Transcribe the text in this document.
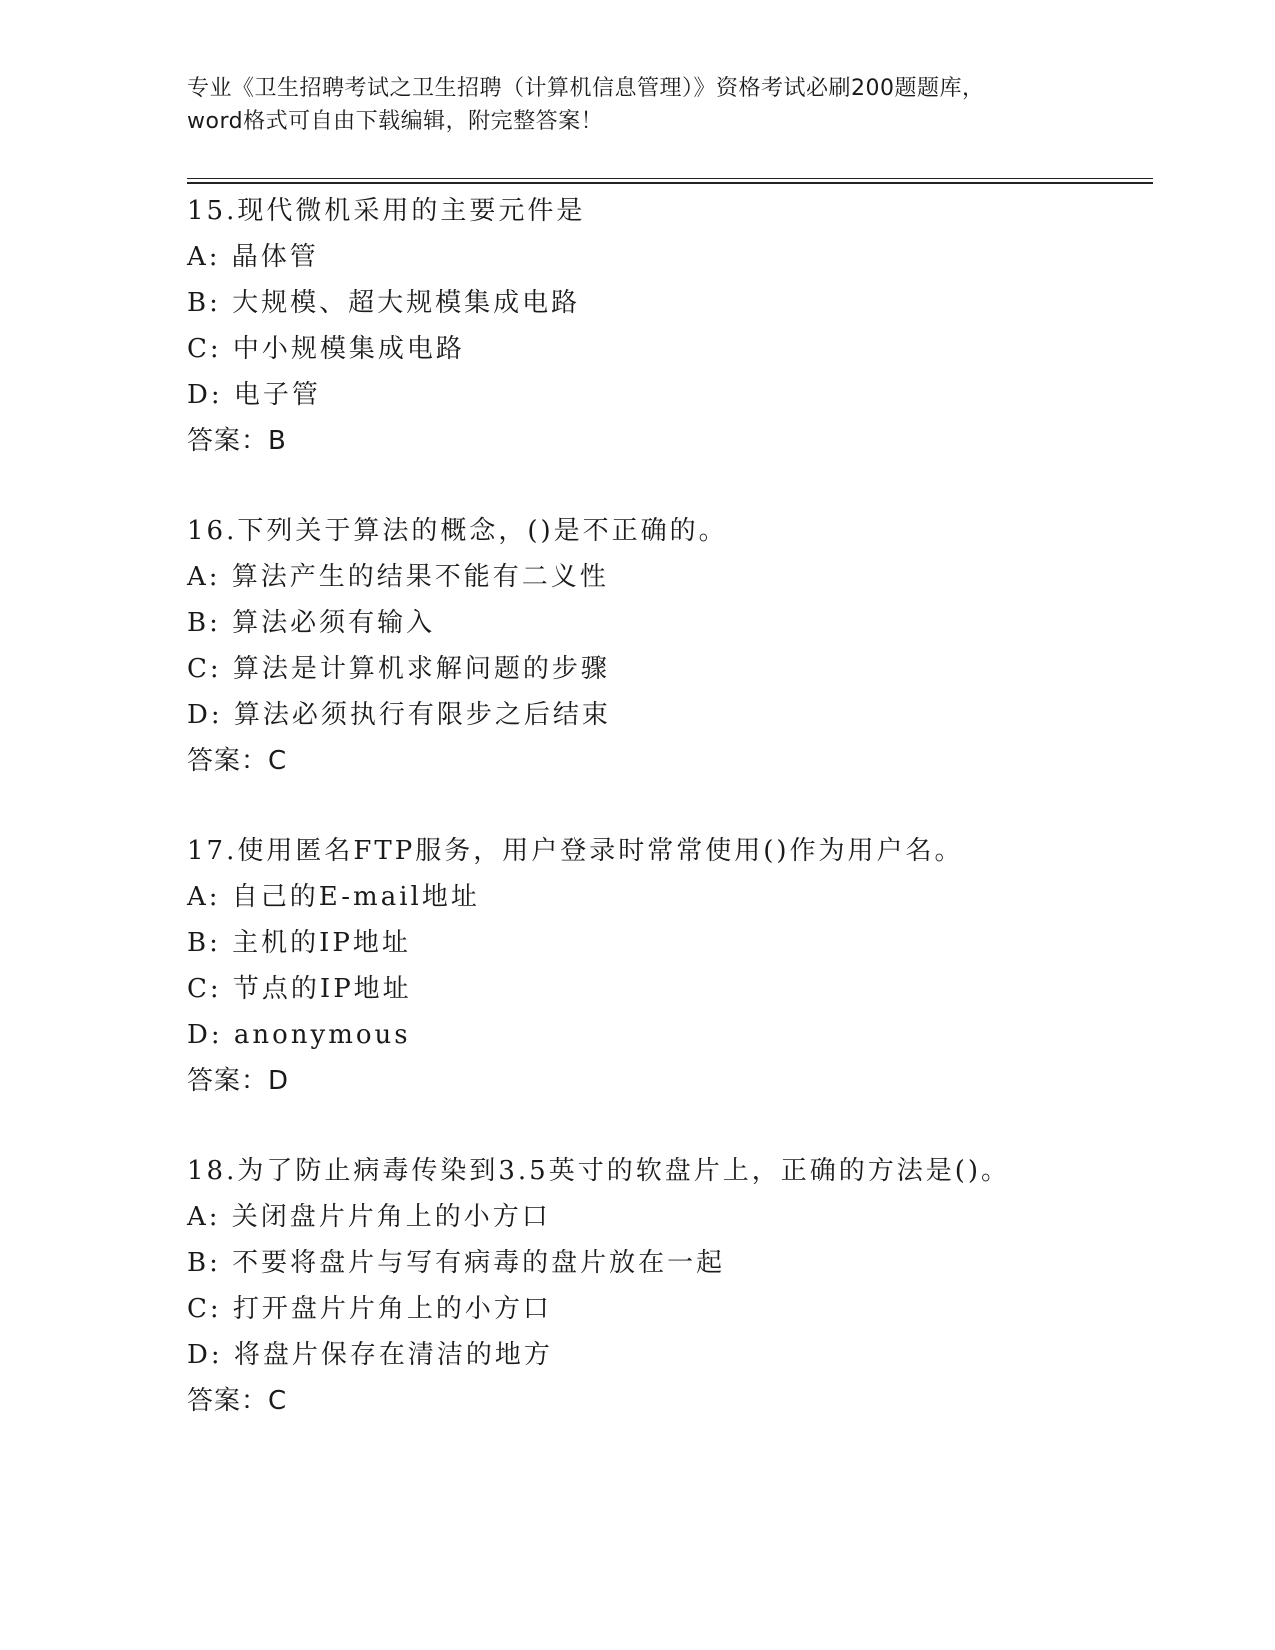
专业《卫生招聘考试之卫生招聘（计算机信息管理）》资格考试必刷200题题库，
word格式可自由下载编辑，附完整答案！
15.现代微机采用的主要元件是
A: 晶体管
B: 大规模、超大规模集成电路
C: 中小规模集成电路
D: 电子管
答案：B
16.下列关于算法的概念，()是不正确的。
A: 算法产生的结果不能有二义性
B: 算法必须有输入
C: 算法是计算机求解问题的步骤
D: 算法必须执行有限步之后结束
答案：C
17.使用匿名FTP服务，用户登录时常常使用()作为用户名。
A: 自己的E-mail地址
B: 主机的IP地址
C: 节点的IP地址
D: anonymous
答案：D
18.为了防止病毒传染到3.5英寸的软盘片上，正确的方法是()。
A: 关闭盘片片角上的小方口
B: 不要将盘片与写有病毒的盘片放在一起
C: 打开盘片片角上的小方口
D: 将盘片保存在清洁的地方
答案：C
